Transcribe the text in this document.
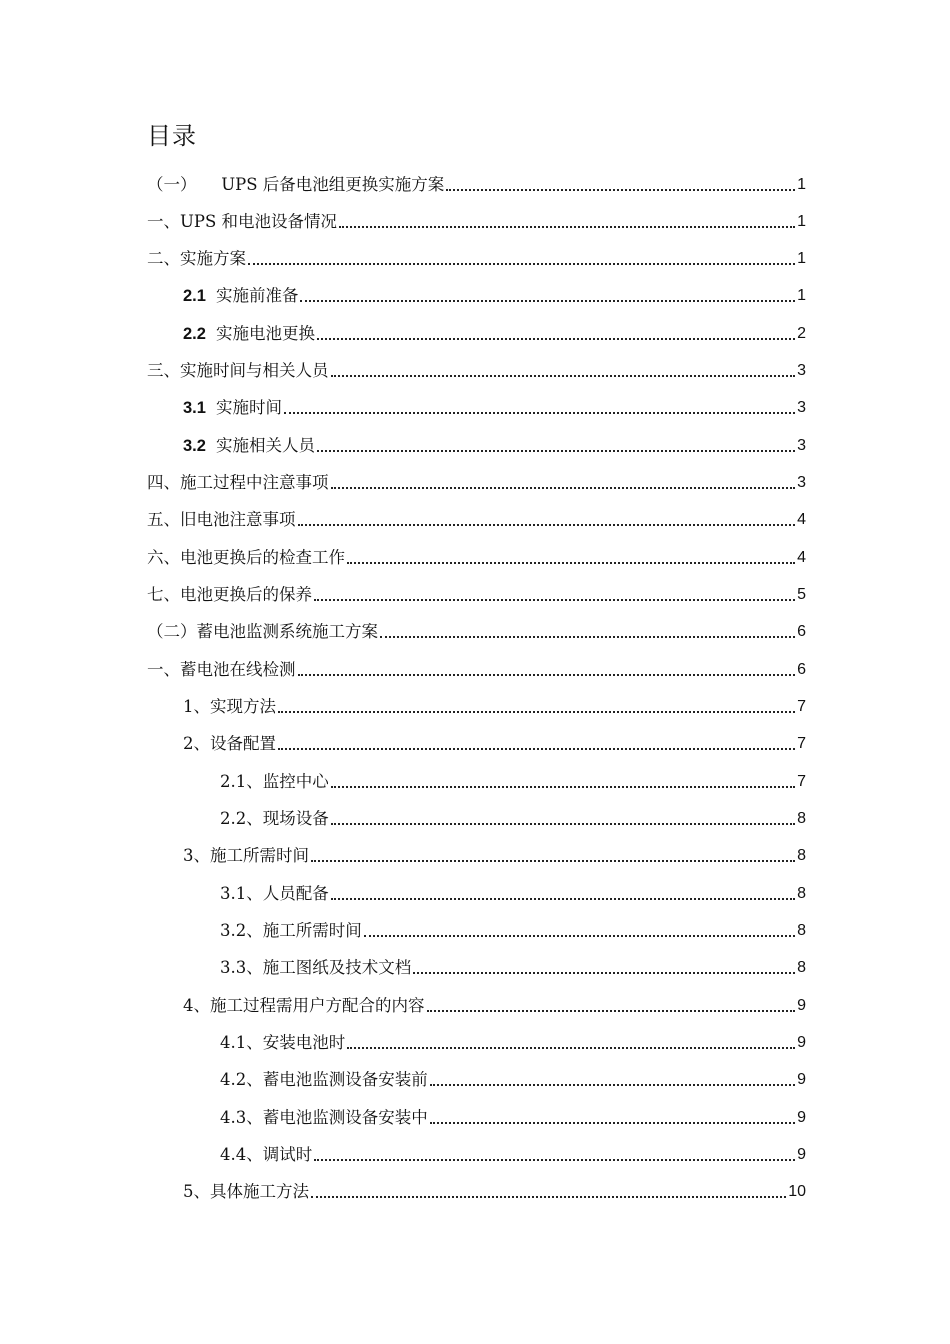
目录
（一）　　UPS 后备电池组更换实施方案	1
一、UPS 和电池设备情况	1
二、实施方案	1
2.1 实施前准备	1
2.2 实施电池更换	2
三、实施时间与相关人员	3
3.1 实施时间	3
3.2 实施相关人员	3
四、施工过程中注意事项	3
五、旧电池注意事项	4
六、电池更换后的检查工作	4
七、电池更换后的保养	5
（二）蓄电池监测系统施工方案	6
一、蓄电池在线检测	6
1、实现方法	7
2、设备配置	7
2.1、监控中心	7
2.2、现场设备	8
3、施工所需时间	8
3.1、人员配备	8
3.2、施工所需时间	8
3.3、施工图纸及技术文档	8
4、施工过程需用户方配合的内容	9
4.1、安装电池时	9
4.2、蓄电池监测设备安装前	9
4.3、蓄电池监测设备安装中	9
4.4、调试时	9
5、具体施工方法	10
